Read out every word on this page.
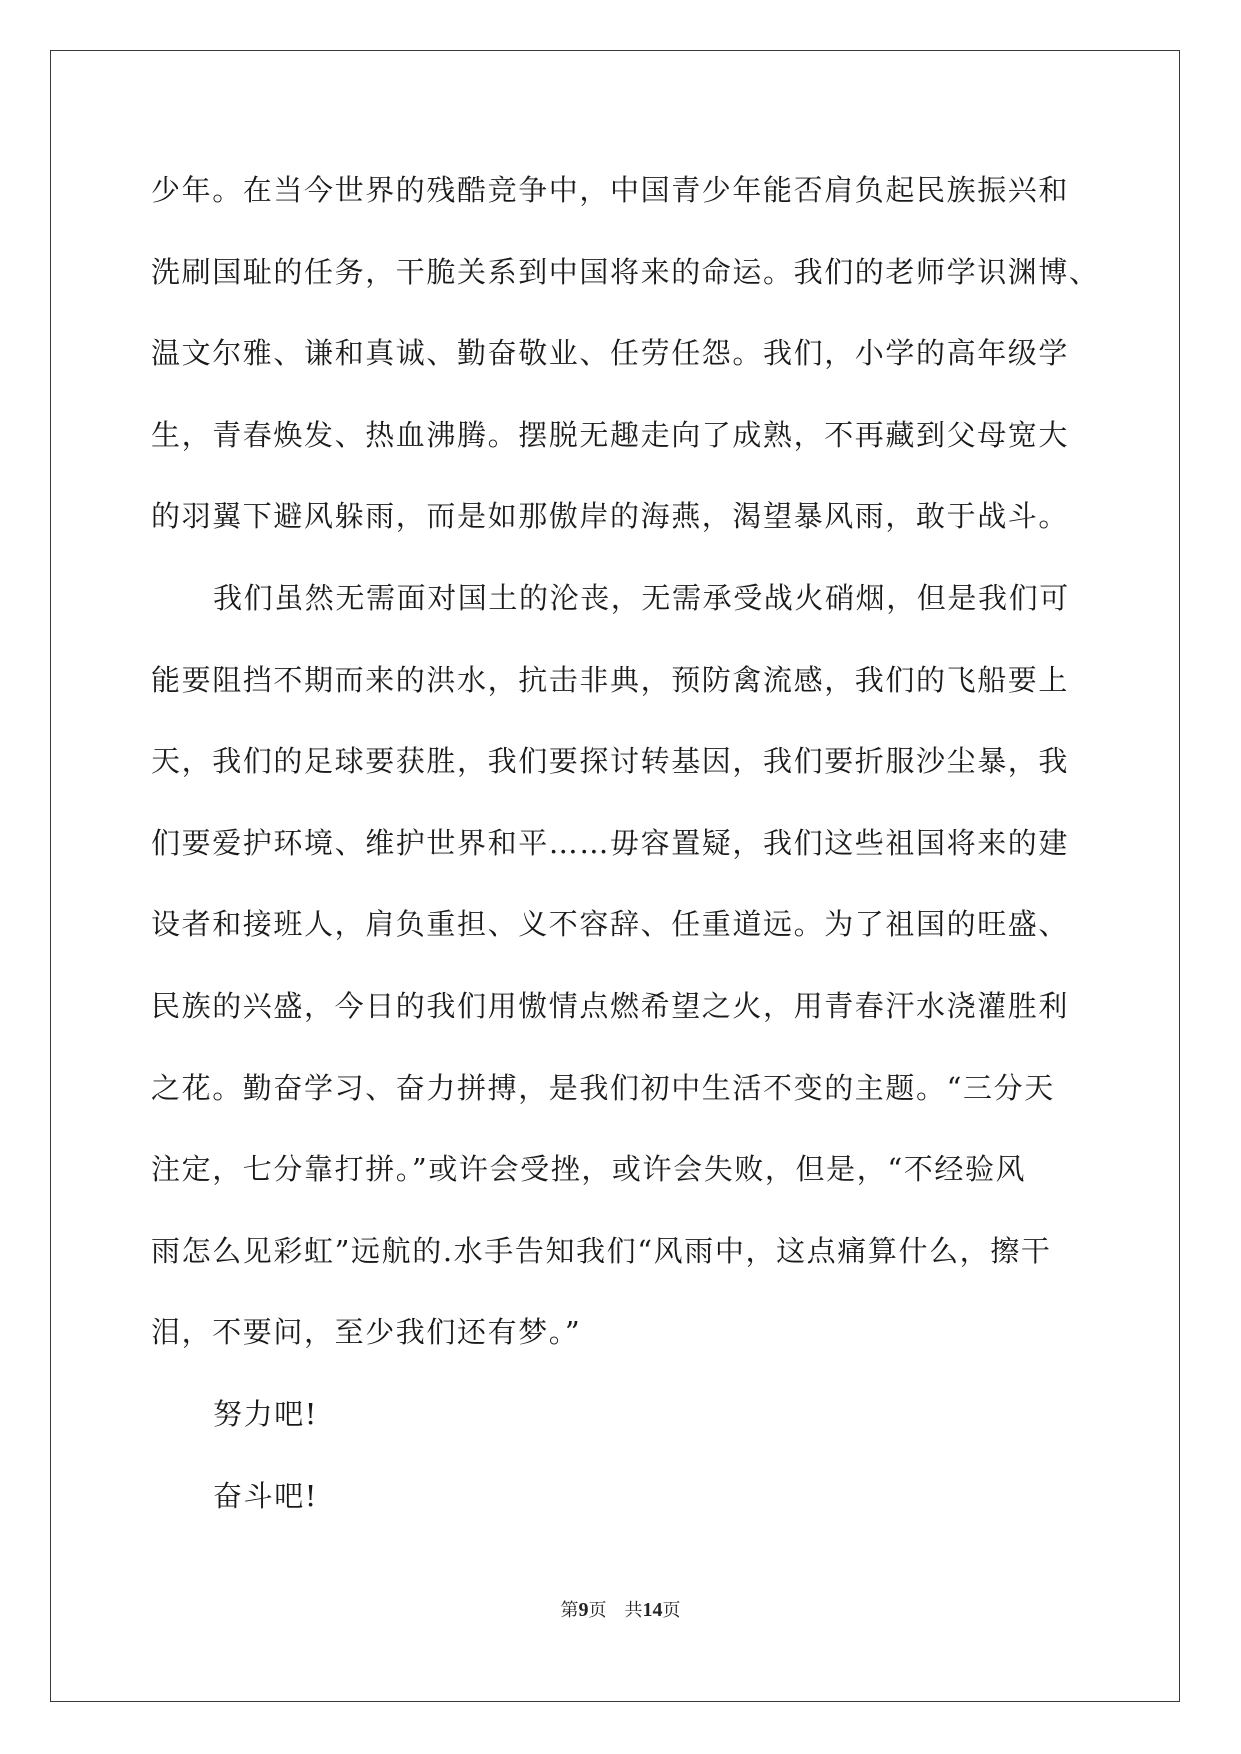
少年。在当今世界的残酷竞争中，中国青少年能否肩负起民族振兴和
洗刷国耻的任务，干脆关系到中国将来的命运。我们的老师学识渊博、
温文尔雅、谦和真诚、勤奋敬业、任劳任怨。我们，小学的高年级学
生，青春焕发、热血沸腾。摆脱无趣走向了成熟，不再藏到父母宽大
的羽翼下避风躲雨，而是如那傲岸的海燕，渴望暴风雨，敢于战斗。
我们虽然无需面对国土的沦丧，无需承受战火硝烟，但是我们可
能要阻挡不期而来的洪水，抗击非典，预防禽流感，我们的飞船要上
天，我们的足球要获胜，我们要探讨转基因，我们要折服沙尘暴，我
们要爱护环境、维护世界和平……毋容置疑，我们这些祖国将来的建
设者和接班人，肩负重担、义不容辞、任重道远。为了祖国的旺盛、
民族的兴盛，今日的我们用慠情点燃希望之火，用青春汗水浇灌胜利
之花。勤奋学习、奋力拼搏，是我们初中生活不变的主题。“三分天
注定，七分靠打拼。”或许会受挫，或许会失败，但是，“不经验风
雨怎么见彩虹”远航的.水手告知我们“风雨中，这点痛算什么，擦干
泪，不要问，至少我们还有梦。”
努力吧!
奋斗吧!
第9页 共14页
